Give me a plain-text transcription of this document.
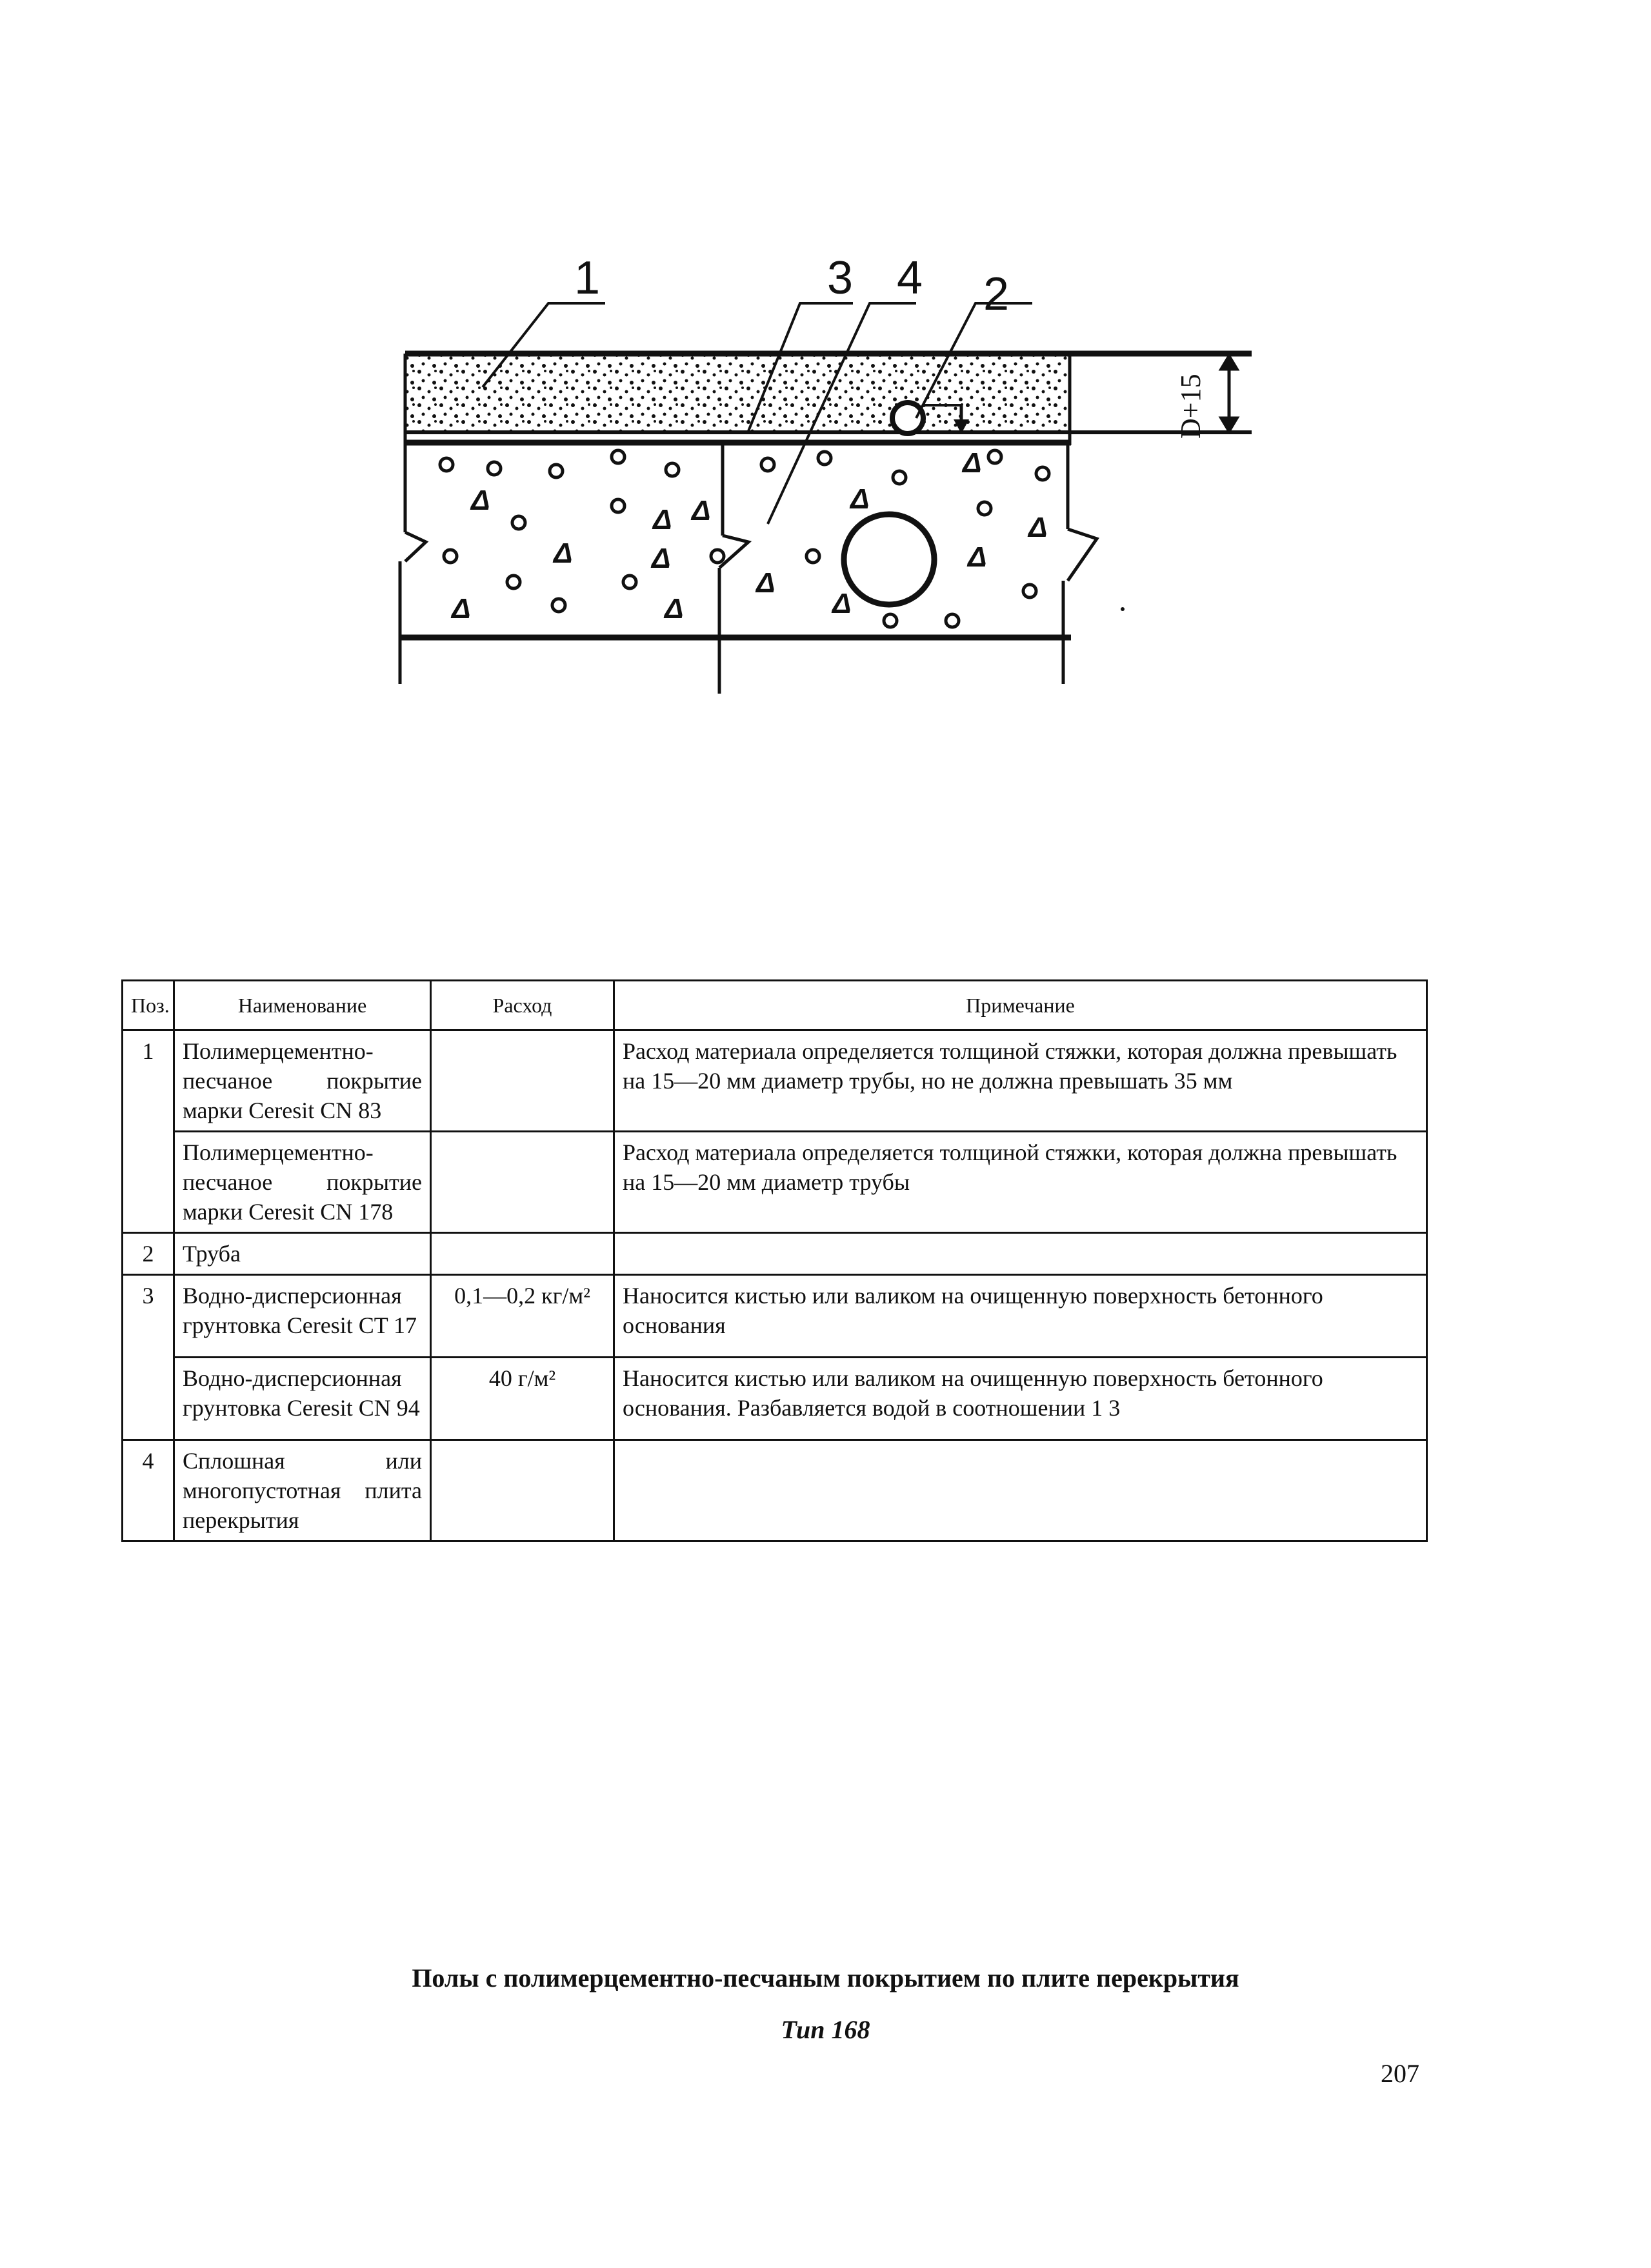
Δ
Δ Δ
Δ	Δ
Δ	Δ
Δ
Δ
Δ
Δ
Δ
Δ
1	3 4 2
D+15
Поз.	Наименование	Расход	Примечание
1	Полимерцементно-песчаное покрытие марки Ceresit CN 83		Расход материала определяется толщиной стяжки, которая должна превышать на 15—20 мм диаметр трубы, но не должна превышать 35 мм
	Полимерцементно-песчаное покрытие марки Ceresit CN 178		Расход материала определяется толщиной стяжки, которая должна превышать на 15—20 мм диаметр трубы
2	Труба		
3	Водно-дисперсионная грунтовка Ceresit CT 17	0,1—0,2 кг/м²	Наносится кистью или валиком на очищенную поверхность бетонного основания
	Водно-дисперсионная грунтовка Ceresit CN 94	40 г/м²	Наносится кистью или валиком на очищенную поверхность бетонного основания. Разбавляется водой в соотношении 1 3
4	Сплошная или многопустотная плита перекрытия		
Полы с полимерцементно-песчаным покрытием по плите перекрытия
Тип 168
207
